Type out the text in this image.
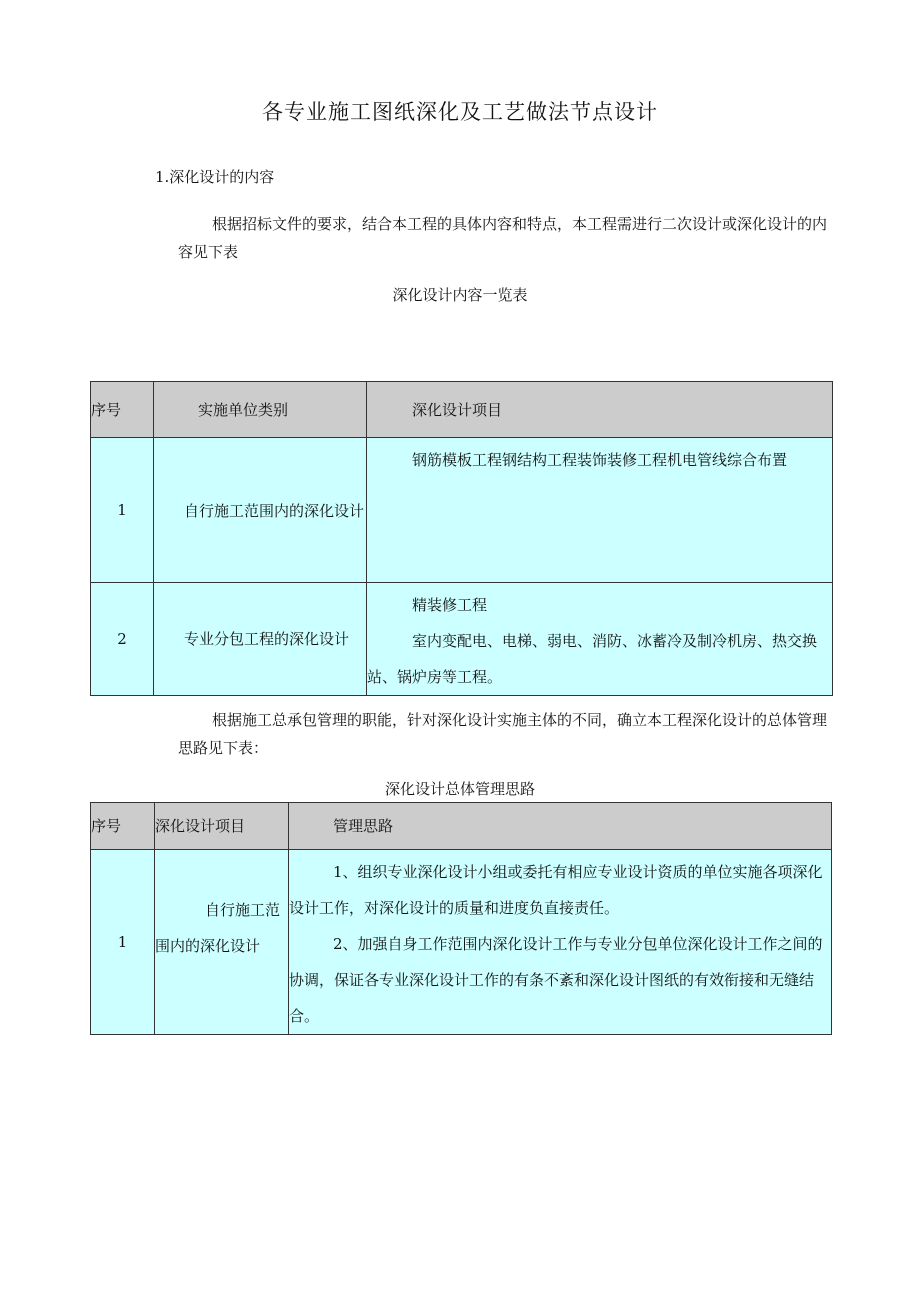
各专业施工图纸深化及工艺做法节点设计
1.深化设计的内容
根据招标文件的要求，结合本工程的具体内容和特点，本工程需进行二次设计或深化设计的内容见下表
深化设计内容一览表
序号	实施单位类别	深化设计项目
1	自行施工范围内的深化设计	钢筋模板工程钢结构工程装饰装修工程机电管线综合布置

2	专业分包工程的深化设计	精装修工程
室内变配电、电梯、弱电、消防、冰蓄冷及制冷机房、热交换站、锅炉房等工程。
根据施工总承包管理的职能，针对深化设计实施主体的不同，确立本工程深化设计的总体管理思路见下表：
深化设计总体管理思路
序号	深化设计项目	管理思路
1	自行施工范围内的深化设计	1、组织专业深化设计小组或委托有相应专业设计资质的单位实施各项深化设计工作，对深化设计的质量和进度负直接责任。
2、加强自身工作范围内深化设计工作与专业分包单位深化设计工作之间的协调，保证各专业深化设计工作的有条不紊和深化设计图纸的有效衔接和无缝结合。
